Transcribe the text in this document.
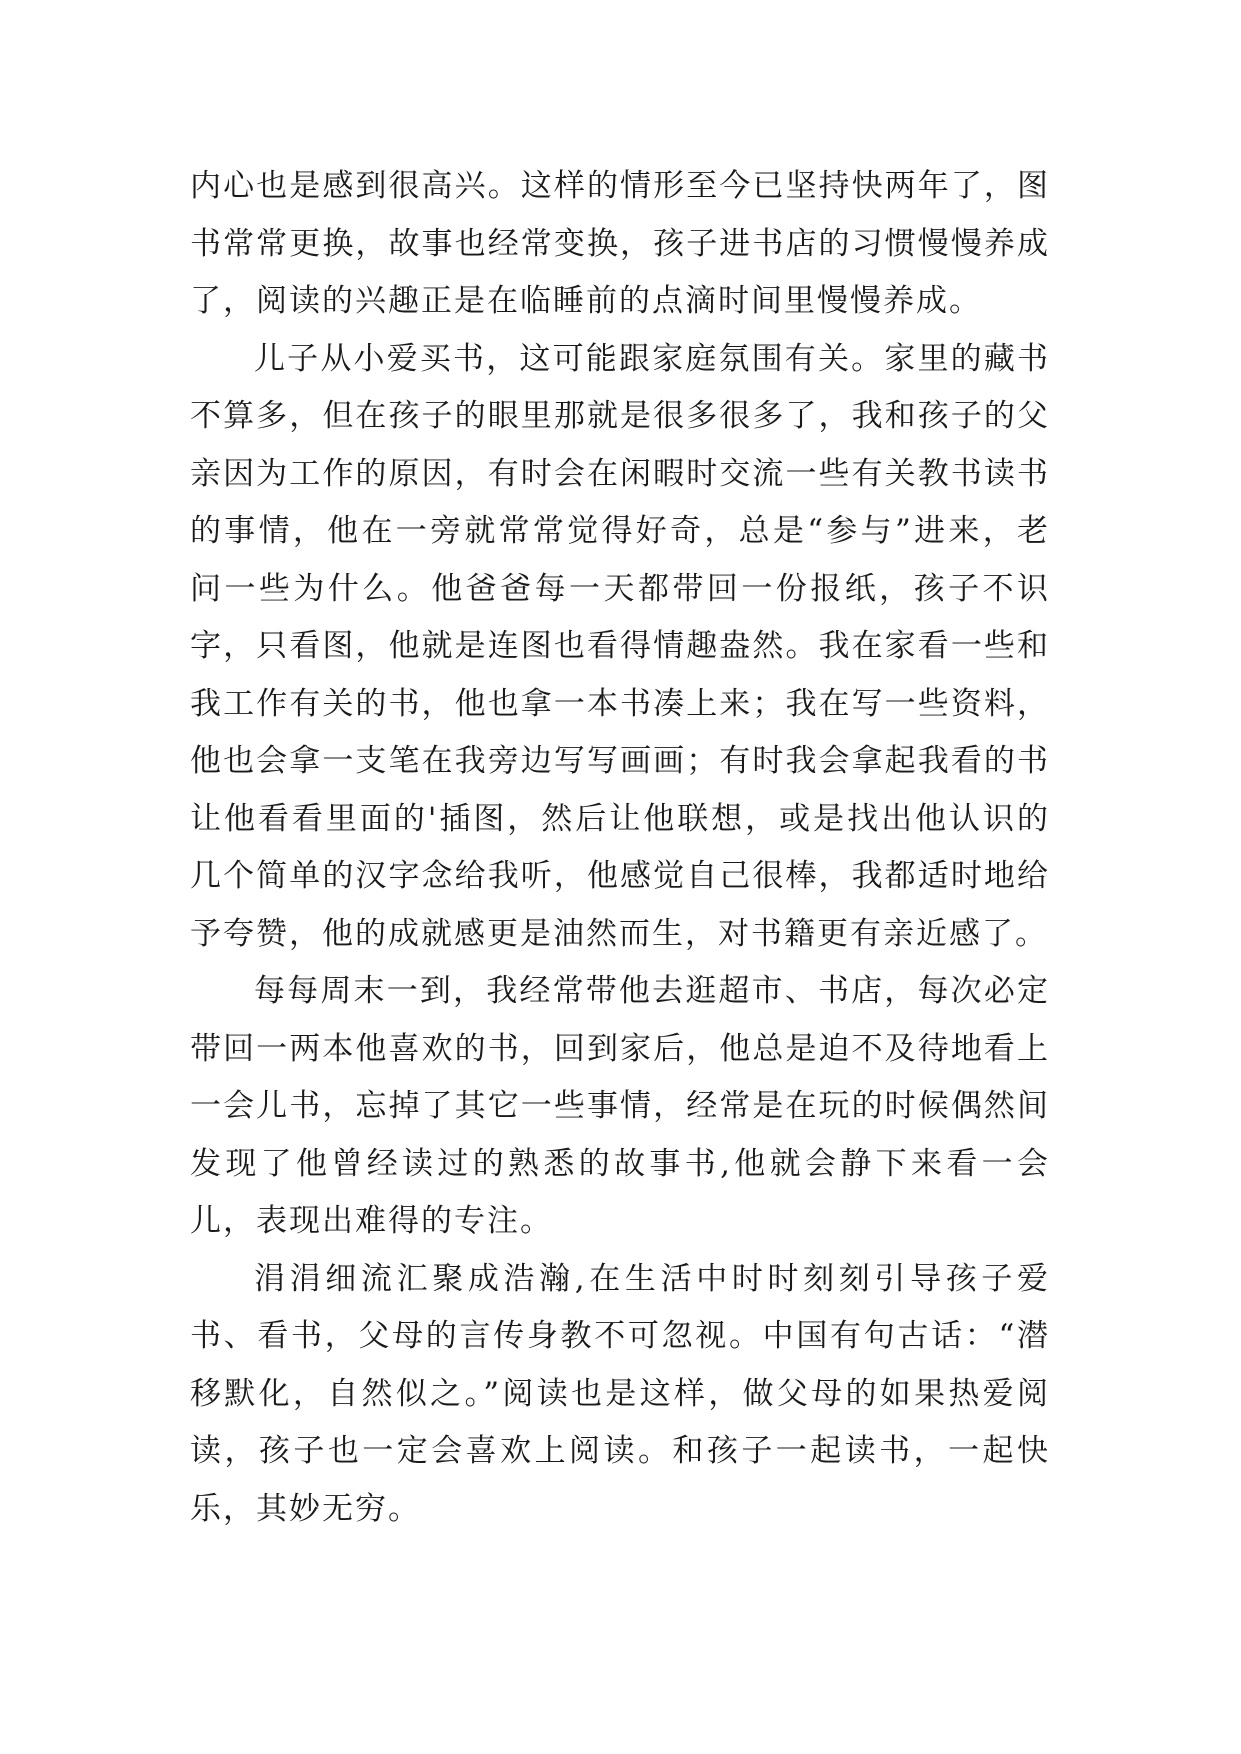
内心也是感到很高兴。这样的情形至今已坚持快两年了，图书常常更换，故事也经常变换，孩子进书店的习惯慢慢养成了，阅读的兴趣正是在临睡前的点滴时间里慢慢养成。

儿子从小爱买书，这可能跟家庭氛围有关。家里的藏书不算多，但在孩子的眼里那就是很多很多了，我和孩子的父亲因为工作的原因，有时会在闲暇时交流一些有关教书读书的事情，他在一旁就常常觉得好奇，总是“参与”进来，老问一些为什么。他爸爸每一天都带回一份报纸，孩子不识字，只看图，他就是连图也看得情趣盎然。我在家看一些和我工作有关的书，他也拿一本书凑上来；我在写一些资料，他也会拿一支笔在我旁边写写画画；有时我会拿起我看的书让他看看里面的'插图，然后让他联想，或是找出他认识的几个简单的汉字念给我听，他感觉自己很棒，我都适时地给予夸赞，他的成就感更是油然而生，对书籍更有亲近感了。

每每周末一到，我经常带他去逛超市、书店，每次必定带回一两本他喜欢的书，回到家后，他总是迫不及待地看上一会儿书，忘掉了其它一些事情，经常是在玩的时候偶然间发现了他曾经读过的熟悉的故事书,他就会静下来看一会儿，表现出难得的专注。

涓涓细流汇聚成浩瀚,在生活中时时刻刻引导孩子爱书、看书，父母的言传身教不可忽视。中国有句古话：“潜移默化，自然似之。”阅读也是这样，做父母的如果热爱阅读，孩子也一定会喜欢上阅读。和孩子一起读书，一起快乐，其妙无穷。
